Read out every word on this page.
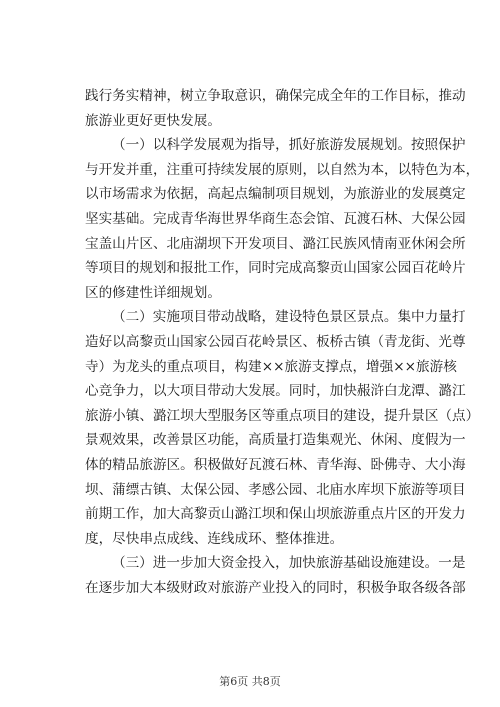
践行务实精神，树立争取意识，确保完成全年的工作目标，推动
旅游业更好更快发展。
（一）以科学发展观为指导，抓好旅游发展规划。按照保护
与开发并重，注重可持续发展的原则，以自然为本，以特色为本，
以市场需求为依据，高起点编制项目规划，为旅游业的发展奠定
坚实基础。完成青华海世界华商生态会馆、瓦渡石林、大保公园
宝盖山片区、北庙湖坝下开发项目、潞江民族风情南亚休闲会所
等项目的规划和报批工作，同时完成高黎贡山国家公园百花岭片
区的修建性详细规划。
（二）实施项目带动战略，建设特色景区景点。集中力量打
造好以高黎贡山国家公园百花岭景区、板桥古镇（青龙街、光尊
寺）为龙头的重点项目，构建××旅游支撑点，增强××旅游核
心竞争力，以大项目带动大发展。同时，加快赧浒白龙潭、潞江
旅游小镇、潞江坝大型服务区等重点项目的建设，提升景区（点）
景观效果，改善景区功能，高质量打造集观光、休闲、度假为一
体的精品旅游区。积极做好瓦渡石林、青华海、卧佛寺、大小海
坝、蒲缥古镇、太保公园、孝感公园、北庙水库坝下旅游等项目
前期工作，加大高黎贡山潞江坝和保山坝旅游重点片区的开发力
度，尽快串点成线、连线成环、整体推进。
（三）进一步加大资金投入，加快旅游基础设施建设。一是
在逐步加大本级财政对旅游产业投入的同时，积极争取各级各部
第6页 共8页
